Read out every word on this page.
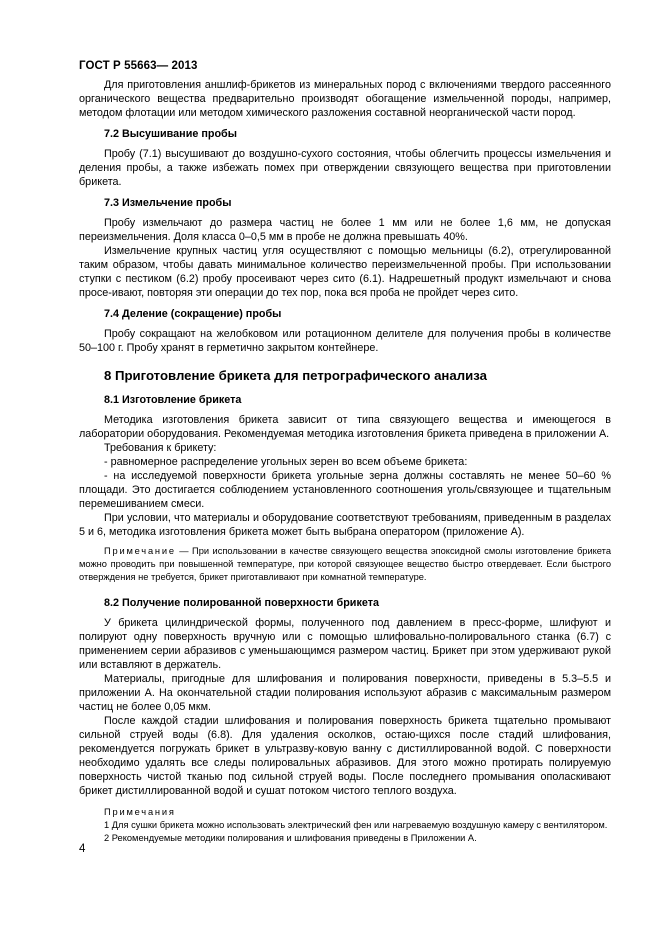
ГОСТ Р 55663— 2013

Для приготовления аншлиф-брикетов из минеральных пород с включениями твердого рассеянного органического вещества предварительно производят обогащение измельченной породы, например, методом флотации или методом химического разложения составной неорганической части пород.

7.2 Высушивание пробы

Пробу (7.1) высушивают до воздушно-сухого состояния, чтобы облегчить процессы измельчения и деления пробы, а также избежать помех при отверждении связующего вещества при приготовлении брикета.

7.3 Измельчение пробы

Пробу измельчают до размера частиц не более 1 мм или не более 1,6 мм, не допуская переизмельчения. Доля класса 0–0,5 мм в пробе не должна превышать 40%.

Измельчение крупных частиц угля осуществляют с помощью мельницы (6.2), отрегулированной таким образом, чтобы давать минимальное количество переизмельченной пробы. При использовании ступки с пестиком (6.2) пробу просеивают через сито (6.1). Надрешетный продукт измельчают и снова просе-ивают, повторяя эти операции до тех пор, пока вся проба не пройдет через сито.

7.4 Деление (сокращение) пробы

Пробу сокращают на желобковом или ротационном делителе для получения пробы в количестве 50–100 г. Пробу хранят в герметично закрытом контейнере.

8 Приготовление брикета для петрографического анализа
8.1 Изготовление брикета

Методика изготовления брикета зависит от типа связующего вещества и имеющегося в лаборатории оборудования. Рекомендуемая методика изготовления брикета приведена в приложении А.

Требования к брикету:

- равномерное распределение угольных зерен во всем объеме брикета:

- на исследуемой поверхности брикета угольные зерна должны составлять не менее 50–60 % площади. Это достигается соблюдением установленного соотношения уголь/связующее и тщательным перемешиванием смеси.

При условии, что материалы и оборудование соответствуют требованиям, приведенным в разделах 5 и 6, методика изготовления брикета может быть выбрана оператором (приложение А).

Примечание — При использовании в качестве связующего вещества эпоксидной смолы изготовление брикета можно проводить при повышенной температуре, при которой связующее вещество быстро отвердевает. Если быстрого отверждения не требуется, брикет приготавливают при комнатной температуре.
8.2 Получение полированной поверхности брикета

У брикета цилиндрической формы, полученного под давлением в пресс-форме, шлифуют и полируют одну поверхность вручную или с помощью шлифовально-полировального станка (6.7) с применением серии абразивов с уменьшающимся размером частиц. Брикет при этом удерживают рукой или вставляют в держатель.

Материалы, пригодные для шлифования и полирования поверхности, приведены в 5.3–5.5 и приложении А. На окончательной стадии полирования используют абразив с максимальным размером частиц не более 0,05 мкм.

После каждой стадии шлифования и полирования поверхность брикета тщательно промывают сильной струей воды (6.8). Для удаления осколков, остаю-щихся после стадий шлифования, рекомендуется погружать брикет в ультразву-ковую ванну с дистиллированной водой. С поверхности необходимо удалять все следы полировальных абразивов. Для этого можно протирать полируемую поверхность чистой тканью под сильной струей воды. После последнего промывания ополаскивают брикет дистиллированной водой и сушат потоком чистого теплого воздуха.

Примечания
1 Для сушки брикета можно использовать электрический фен или нагреваемую воздушную камеру с вентилятором.
2 Рекомендуемые методики полирования и шлифования приведены в Приложении А.
4
